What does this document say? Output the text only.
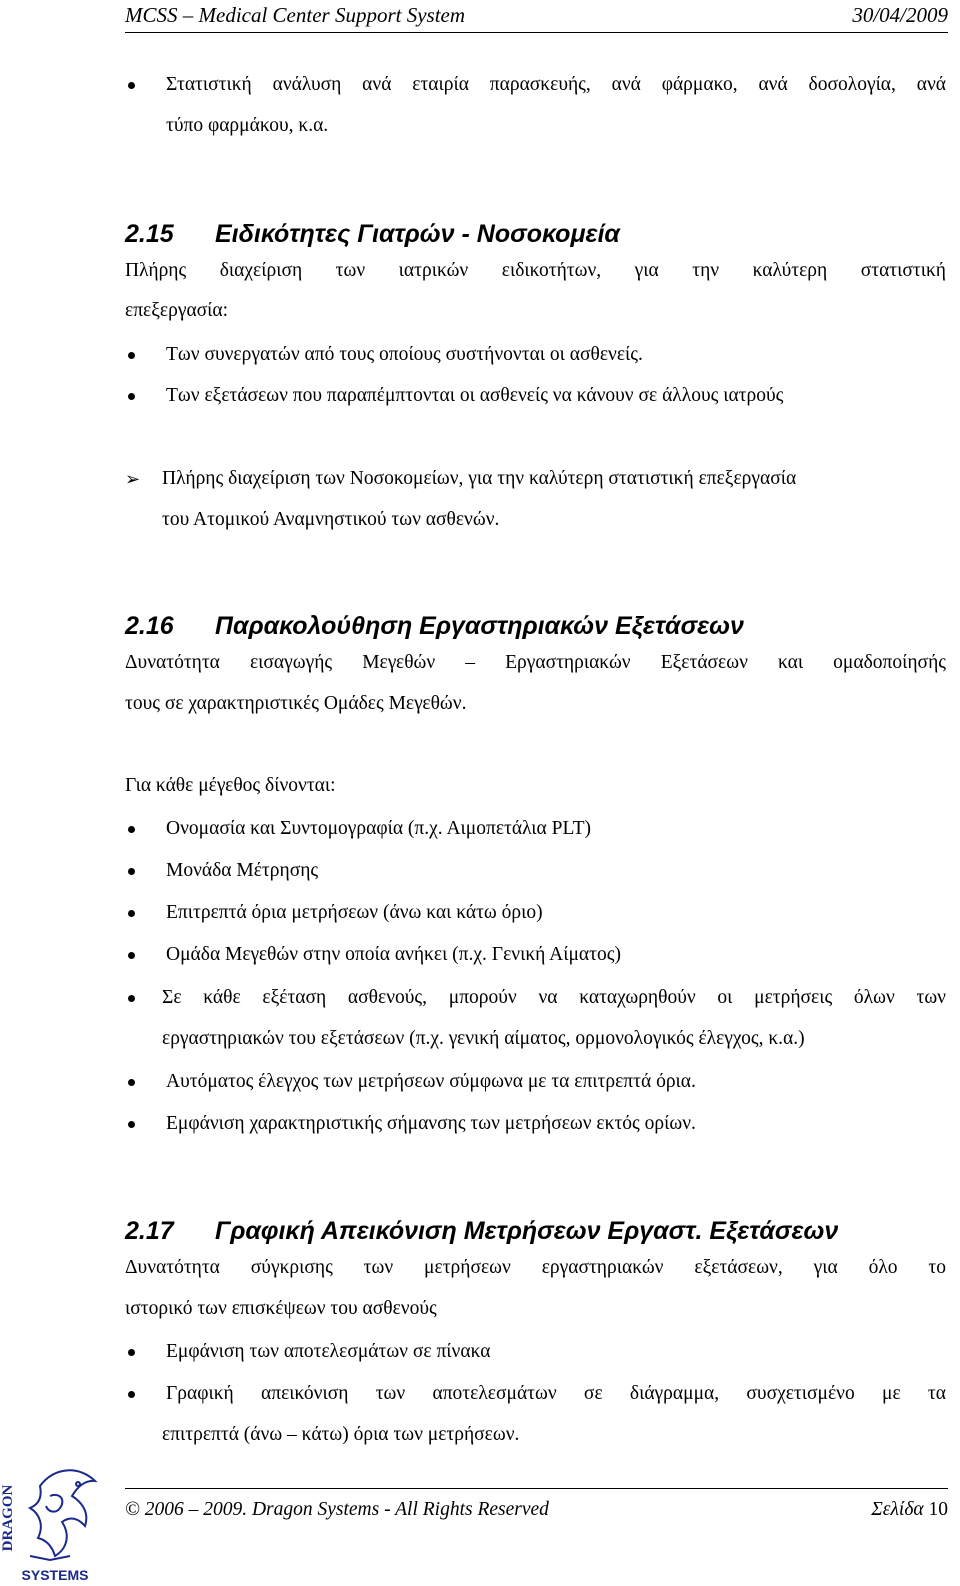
MCSS – Medical Center Support System	30/04/2009
Στατιστική ανάλυση ανά εταιρία παρασκευής, ανά φάρμακο, ανά δοσολογία, ανά
τύπο φαρμάκου, κ.α.
2.15 Ειδικότητες Γιατρών - Νοσοκομεία
Πλήρης διαχείριση των ιατρικών ειδικοτήτων, για την καλύτερη στατιστική
επεξεργασία:
Των συνεργατών από τους οποίους συστήνονται οι ασθενείς.
Των εξετάσεων που παραπέμπτονται οι ασθενείς να κάνουν σε άλλους ιατρούς
➢ Πλήρης διαχείριση των Νοσοκομείων, για την καλύτερη στατιστική επεξεργασία
του Ατομικού Αναμνηστικού των ασθενών.
2.16 Παρακολούθηση Εργαστηριακών Εξετάσεων
Δυνατότητα εισαγωγής Μεγεθών – Εργαστηριακών Εξετάσεων και ομαδοποίησής
τους σε χαρακτηριστικές Ομάδες Μεγεθών.
Για κάθε μέγεθος δίνονται:
Ονομασία και Συντομογραφία (π.χ. Αιμοπετάλια PLT)
Μονάδα Μέτρησης
Επιτρεπτά όρια μετρήσεων (άνω και κάτω όριο)
Ομάδα Μεγεθών στην οποία ανήκει (π.χ. Γενική Αίματος)
Σε κάθε εξέταση ασθενούς, μπορούν να καταχωρηθούν οι μετρήσεις όλων των
εργαστηριακών του εξετάσεων (π.χ. γενική αίματος, ορμονολογικός έλεγχος, κ.α.)
Αυτόματος έλεγχος των μετρήσεων σύμφωνα με τα επιτρεπτά όρια.
Εμφάνιση χαρακτηριστικής σήμανσης των μετρήσεων εκτός ορίων.
2.17 Γραφική Απεικόνιση Μετρήσεων Εργαστ. Εξετάσεων
Δυνατότητα σύγκρισης των μετρήσεων εργαστηριακών εξετάσεων, για όλο το
ιστορικό των επισκέψεων του ασθενούς
Εμφάνιση των αποτελεσμάτων σε πίνακα
Γραφική απεικόνιση των αποτελεσμάτων σε διάγραμμα, συσχετισμένο με τα
επιτρεπτά (άνω – κάτω) όρια των μετρήσεων.
DRAGON
SYSTEMS
© 2006 – 2009. Dragon Systems - All Rights Reserved	Σελίδα 10
